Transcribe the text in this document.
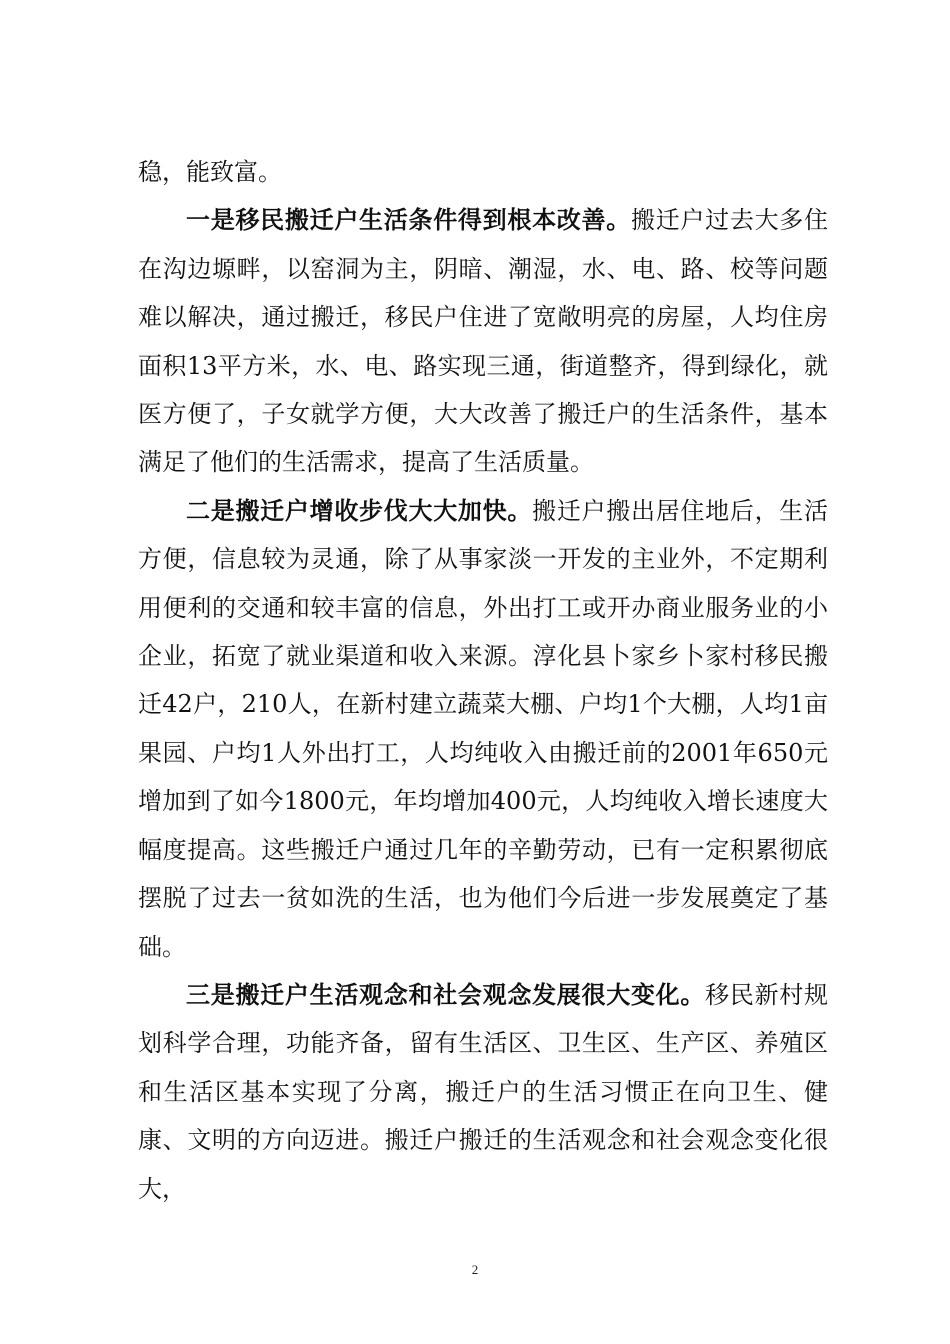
稳，能致富。

一是移民搬迁户生活条件得到根本改善。搬迁户过去大多住在沟边塬畔，以窑洞为主，阴暗、潮湿，水、电、路、校等问题难以解决，通过搬迁，移民户住进了宽敞明亮的房屋，人均住房面积13平方米，水、电、路实现三通，街道整齐，得到绿化，就医方便了，子女就学方便，大大改善了搬迁户的生活条件，基本满足了他们的生活需求，提高了生活质量。

二是搬迁户增收步伐大大加快。搬迁户搬出居住地后，生活方便，信息较为灵通，除了从事家淡一开发的主业外，不定期利用便利的交通和较丰富的信息，外出打工或开办商业服务业的小企业，拓宽了就业渠道和收入来源。淳化县卜家乡卜家村移民搬迁42户，210人，在新村建立蔬菜大棚、户均1个大棚，人均1亩果园、户均1人外出打工，人均纯收入由搬迁前的2001年650元增加到了如今1800元，年均增加400元，人均纯收入增长速度大幅度提高。这些搬迁户通过几年的辛勤劳动，已有一定积累彻底摆脱了过去一贫如洗的生活，也为他们今后进一步发展奠定了基础。

三是搬迁户生活观念和社会观念发展很大变化。移民新村规划科学合理，功能齐备，留有生活区、卫生区、生产区、养殖区和生活区基本实现了分离，搬迁户的生活习惯正在向卫生、健康、文明的方向迈进。搬迁户搬迁的生活观念和社会观念变化很大，

2
